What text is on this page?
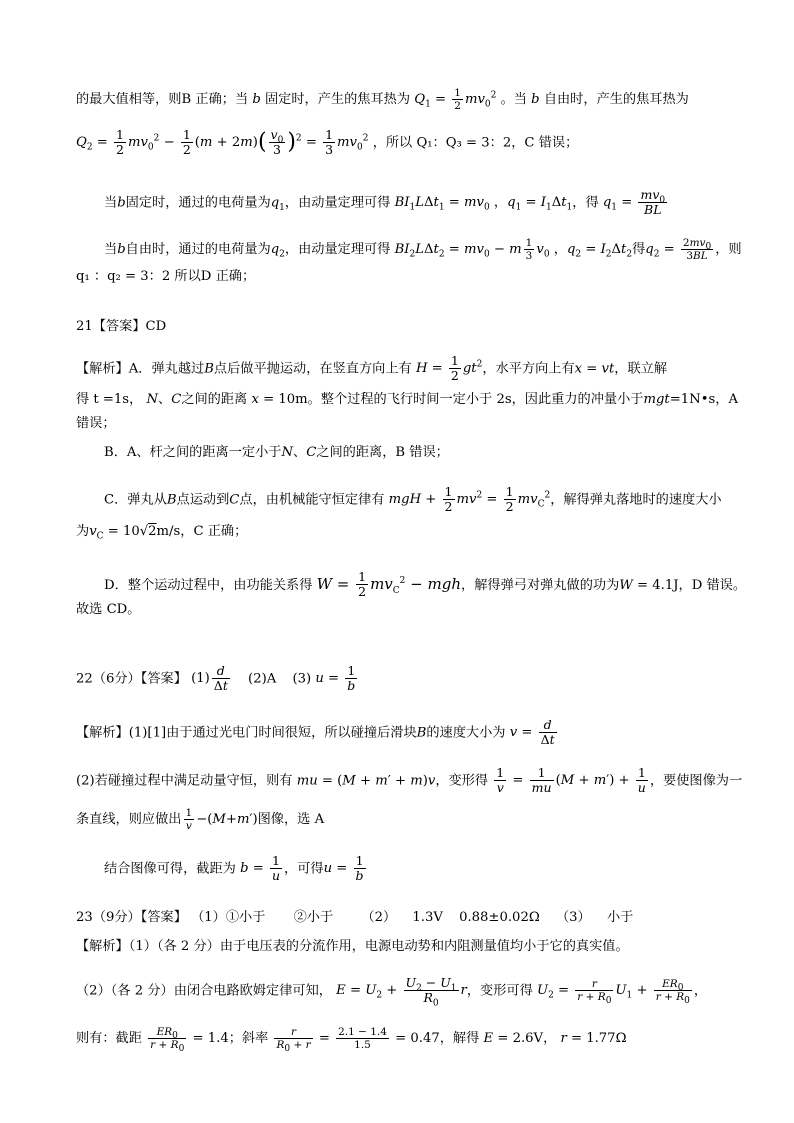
的最大值相等，则B 正确；当 b 固定时，产生的焦耳热为 $Q_1 = \frac{1}{2} mv_0^2$ 。当 b 自由时，产生的焦耳热为
$Q_2 = \frac{1}{2} mv_0^2 - \frac{1}{2} (m + 2m)( \frac{v_0}{3} )^2 = \frac{1}{3} mv_0^2$ ，所以 Q₁：Q₃ = 3：2，C 错误；
当b固定时，通过的电荷量为$q_1$，由动量定理可得 $BI_1L\Delta t_1 = mv_0$ ，$q_1 = I_1\Delta t_1$，得 $q_1 = \frac{mv_0}{BL}$
当b自由时，通过的电荷量为$q_2$，由动量定理可得 $BI_2L\Delta t_2 = mv_0 - m \frac{1}{3} v_0$ ，$q_2 = I_2\Delta t_2$得$q_2 = \frac{2mv_0}{3BL}$ ，则
q₁ ：q₂ = 3：2 所以D 正确；
21【答案】CD
【解析】A．弹丸越过B点后做平抛运动，在竖直方向上有 $H = \frac{1}{2} gt^2$，水平方向上有x = vt，联立解
得 t =1s， N、C之间的距离 x = 10m。整个过程的飞行时间一定小于 2s，因此重力的冲量小于mgt=1N•s，A
错误；
B．A、杆之间的距离一定小于N、C之间的距离，B 错误；
C．弹丸从B点运动到C点，由机械能守恒定律有 mgH + $\frac{1}{2} mv^2 = \frac{1}{2} mv_C^2$，解得弹丸落地时的速度大小
为$v_C = 10√2m/s$，C 正确；
D．整个运动过程中，由功能关系得 $W = \frac{1}{2} mv_C^2$ − mgh，解得弹弓对弹丸做的功为W = 4.1J，D 错误。
故选 CD。
22（6分）【答案】 $(1) \frac{d}{\Delta t} (2)A$ (3) $u = \frac{1}{b}$
【解析】(1)[1]由于通过光电门时间很短，所以碰撞后滑块B的速度大小为 $v = \frac{d}{\Delta t}$
(2)若碰撞过程中满足动量守恒，则有 mu = (M + m′ + m)v，变形得 $\frac{1}{v} = \frac{1}{mu} (M + m') + \frac{1}{u}$ ，要使图像为一
条直线，则应做出 $\frac{1}{v} -(M+m')$图像，选 A
结合图像可得，截距为 $b = \frac{1}{u}$ ，可得$u = \frac{1}{b}$
23（9分）【答案】 （1）①小于 ②小于 （2） 1.3V 0.88±0.02Ω （3） 小于
【解析】（1）（各 2 分）由于电压表的分流作用，电源电动势和内阻测量值均小于它的真实值。
（2）（各 2 分）由闭合电路欧姆定律可知， $E = U_2 + \frac{U_2 - U_1}{R_0}$ r，变形可得 $U_2 = \frac{r}{r + R_0} U_1 + \frac{ER_0}{r + R_0}$ ，
则有：截距 $\frac{ER_0}{r + R_0} = 1.4$；斜率 $\frac{r}{R_0 + r} = \frac{2.1 - 1.4}{1.5} = 0.47$，解得 E = 2.6V， r = 1.77Ω
